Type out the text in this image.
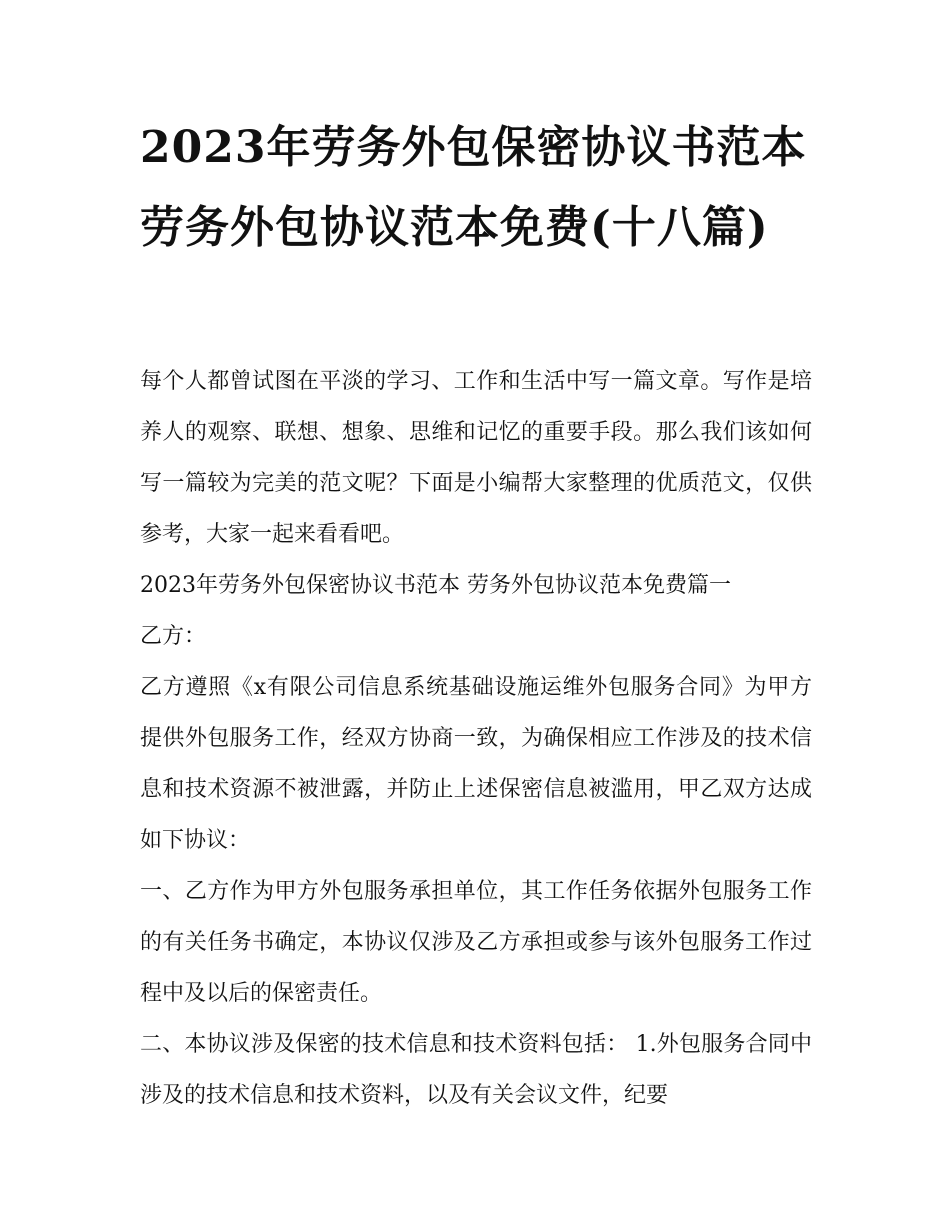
2023年劳务外包保密协议书范本 劳务外包协议范本免费(十八篇)

每个人都曾试图在平淡的学习、工作和生活中写一篇文章。写作是培养人的观察、联想、想象、思维和记忆的重要手段。那么我们该如何写一篇较为完美的范文呢？下面是小编帮大家整理的优质范文，仅供参考，大家一起来看看吧。

2023年劳务外包保密协议书范本 劳务外包协议范本免费篇一

乙方：

乙方遵照《x有限公司信息系统基础设施运维外包服务合同》为甲方提供外包服务工作，经双方协商一致，为确保相应工作涉及的技术信息和技术资源不被泄露，并防止上述保密信息被滥用，甲乙双方达成如下协议：

一、乙方作为甲方外包服务承担单位，其工作任务依据外包服务工作的有关任务书确定，本协议仅涉及乙方承担或参与该外包服务工作过程中及以后的保密责任。

二、本协议涉及保密的技术信息和技术资料包括： 1.外包服务合同中涉及的技术信息和技术资料，以及有关会议文件，纪要
